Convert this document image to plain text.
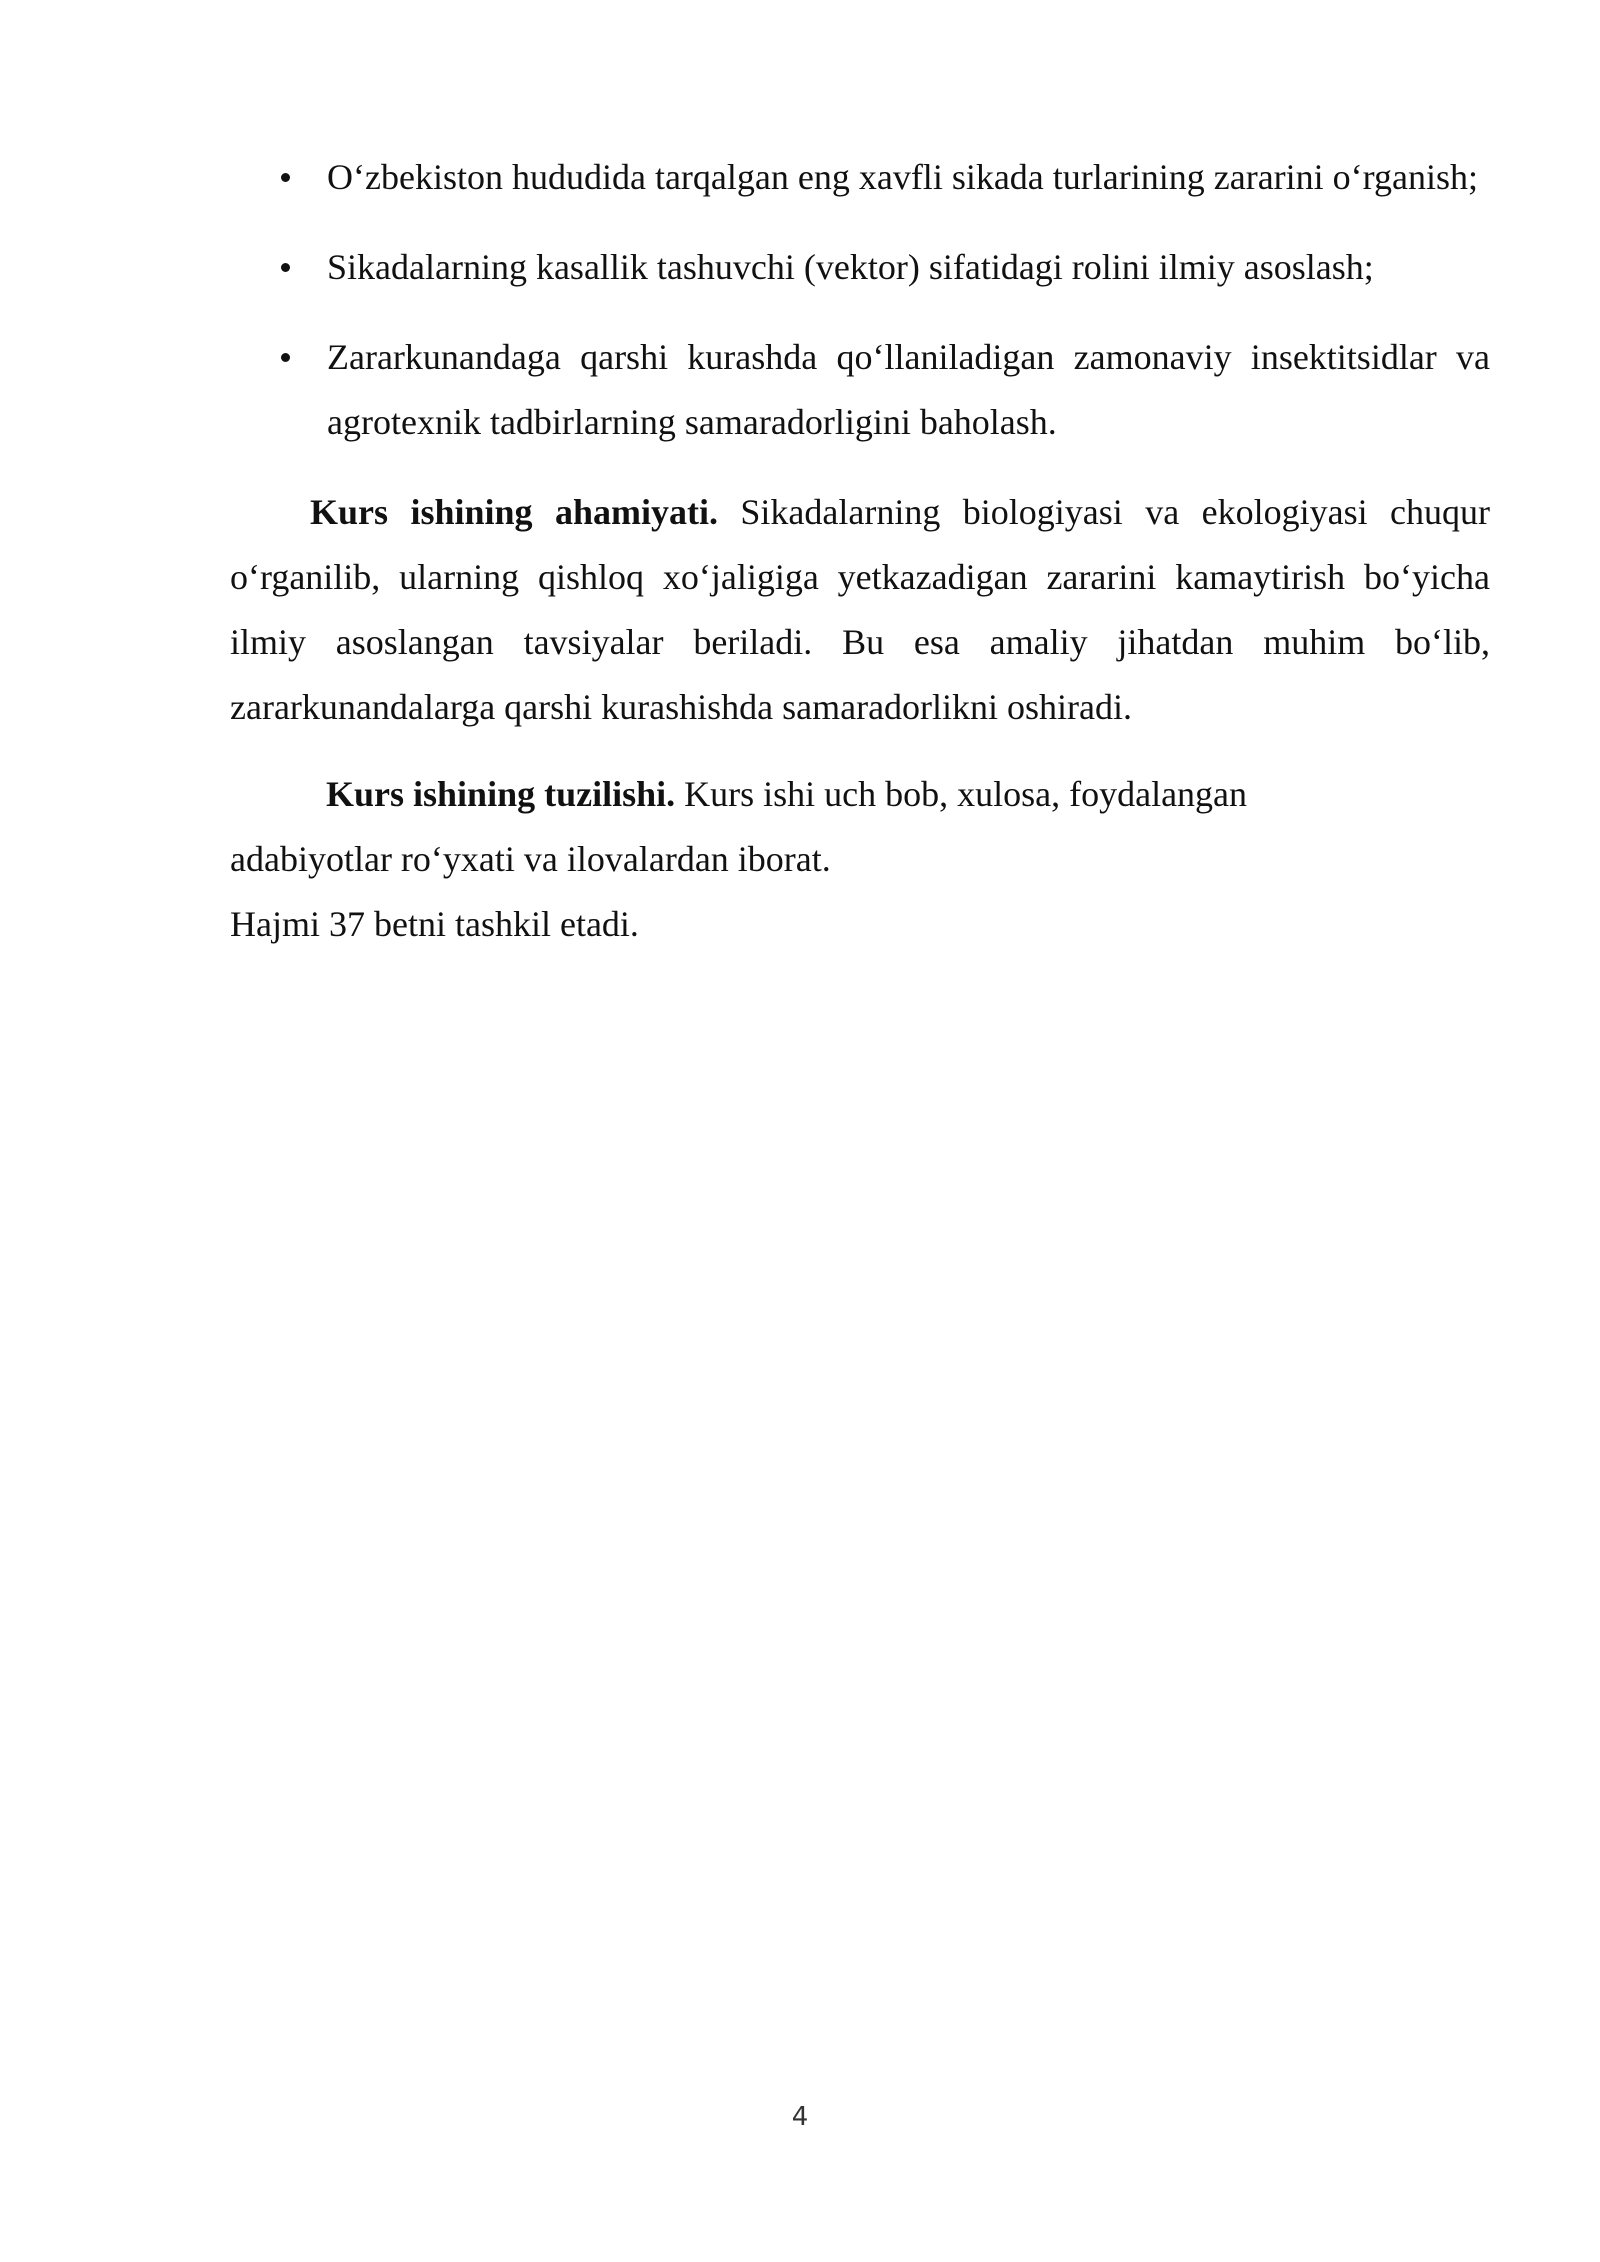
O‘zbekiston hududida tarqalgan eng xavfli sikada turlarining zararini o‘rganish;
Sikadalarning kasallik tashuvchi (vektor) sifatidagi rolini ilmiy asoslash;
Zararkunandaga qarshi kurashda qo‘llaniladigan zamonaviy insektitsidlar va agrotexnik tadbirlarning samaradorligini baholash.

Kurs ishining ahamiyati. Sikadalarning biologiyasi va ekologiyasi chuqur o‘rganilib, ularning qishloq xo‘jaligiga yetkazadigan zararini kamaytirish bo‘yicha ilmiy asoslangan tavsiyalar beriladi. Bu esa amaliy jihatdan muhim bo‘lib, zararkunandalarga qarshi kurashishda samaradorlikni oshiradi.

Kurs ishining tuzilishi. Kurs ishi uch bob, xulosa, foydalangan
adabiyotlar ro‘yxati va ilovalardan iborat.
Hajmi 37 betni tashkil etadi.
4
